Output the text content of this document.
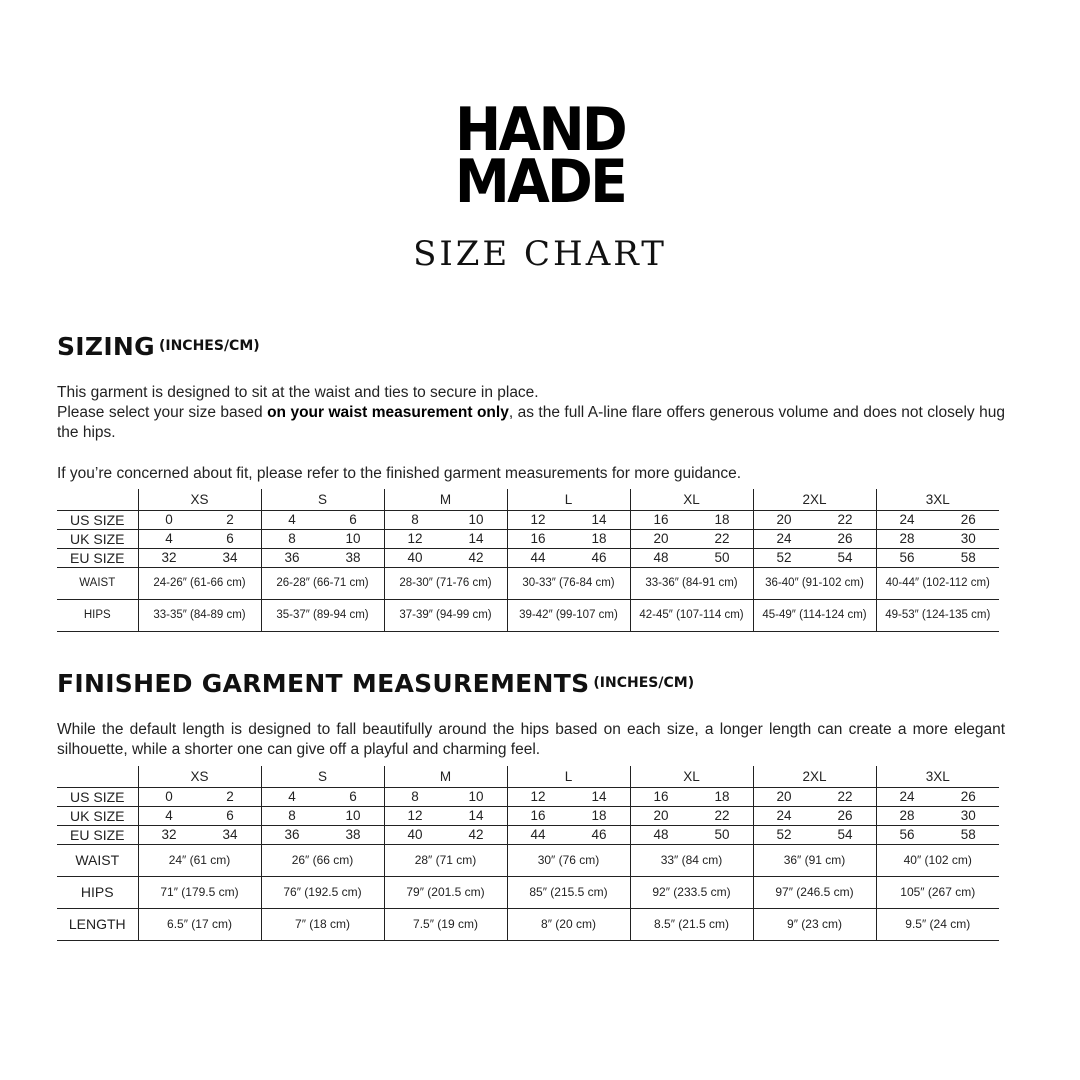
HAND
MADE
SIZE CHART
SIZING (INCHES/CM)
This garment is designed to sit at the waist and ties to secure in place.
Please select your size based on your waist measurement only, as the full A-line flare offers generous volume and does not closely hug the hips.
If you’re concerned about fit, please refer to the finished garment measurements for more guidance.
	XS		S		M		L		XL		2XL		3XL	
US SIZE	0	2	4	6	8	10	12	14	16	18	20	22	24	26
UK SIZE	4	6	8	10	12	14	16	18	20	22	24	26	28	30
EU SIZE	32	34	36	38	40	42	44	46	48	50	52	54	56	58
WAIST	24-26″ (61-66 cm)		26-28″ (66-71 cm)		28-30″ (71-76 cm)		30-33″ (76-84 cm)		33-36″ (84-91 cm)		36-40″ (91-102 cm)		40-44″ (102-112 cm)	
HIPS	33-35″ (84-89 cm)		35-37″ (89-94 cm)		37-39″ (94-99 cm)		39-42″ (99-107 cm)		42-45″ (107-114 cm)		45-49″ (114-124 cm)		49-53″ (124-135 cm)	
FINISHED GARMENT MEASUREMENTS (INCHES/CM)
While the default length is designed to fall beautifully around the hips based on each size, a longer length can create a more elegant silhouette, while a shorter one can give off a playful and charming feel.
	XS		S		M		L		XL		2XL		3XL	
US SIZE	0	2	4	6	8	10	12	14	16	18	20	22	24	26
UK SIZE	4	6	8	10	12	14	16	18	20	22	24	26	28	30
EU SIZE	32	34	36	38	40	42	44	46	48	50	52	54	56	58
WAIST	24″ (61 cm)		26″ (66 cm)		28″ (71 cm)		30″ (76 cm)		33″ (84 cm)		36″ (91 cm)		40″ (102 cm)	
HIPS	71″ (179.5 cm)		76″ (192.5 cm)		79″ (201.5 cm)		85″ (215.5 cm)		92″ (233.5 cm)		97″ (246.5 cm)		105″ (267 cm)	
LENGTH	6.5″ (17 cm)		7″ (18 cm)		7.5″ (19 cm)		8″ (20 cm)		8.5″ (21.5 cm)		9″ (23 cm)		9.5″ (24 cm)	
